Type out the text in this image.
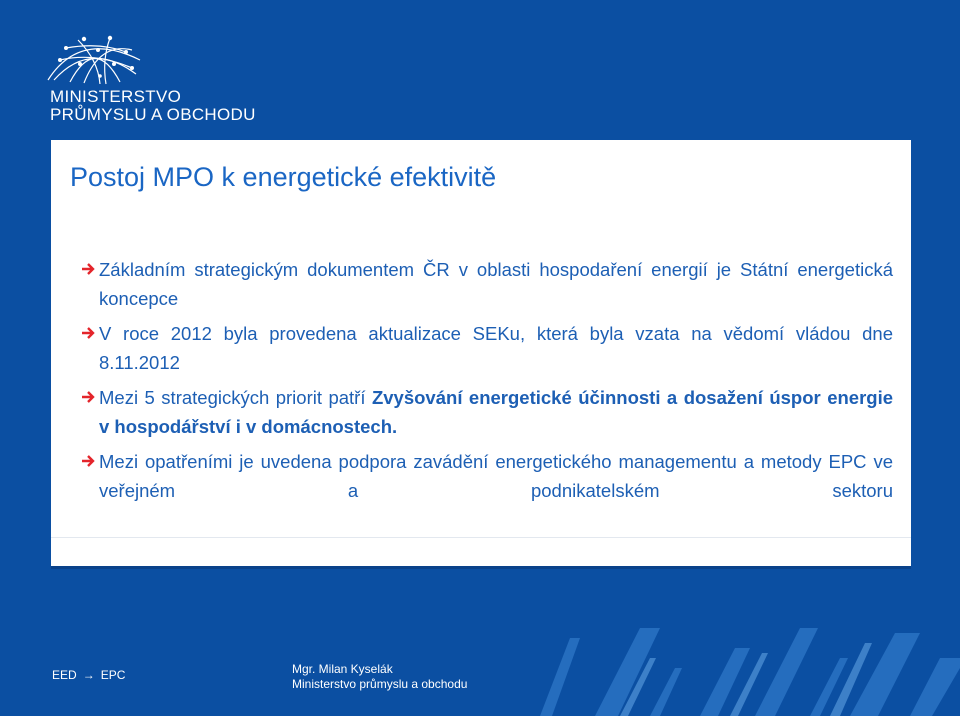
MINISTERSTVO
PRŮMYSLU A OBCHODU
Postoj MPO k energetické efektivitě
Základním strategickým dokumentem ČR v oblasti hospodaření energií je Státní energetická koncepce
V roce 2012 byla provedena aktualizace SEKu, která byla vzata na vědomí vládou dne 8.11.2012
Mezi 5 strategických priorit patří Zvyšování energetické účinnosti a dosažení úspor energie v hospodářství i v domácnostech.
Mezi opatřeními je uvedena podpora zavádění energetického managementu a metody EPC ve veřejném a podnikatelském sektoru
EED → EPC	Mgr. Milan Kyselák
Ministerstvo průmyslu a obchodu
